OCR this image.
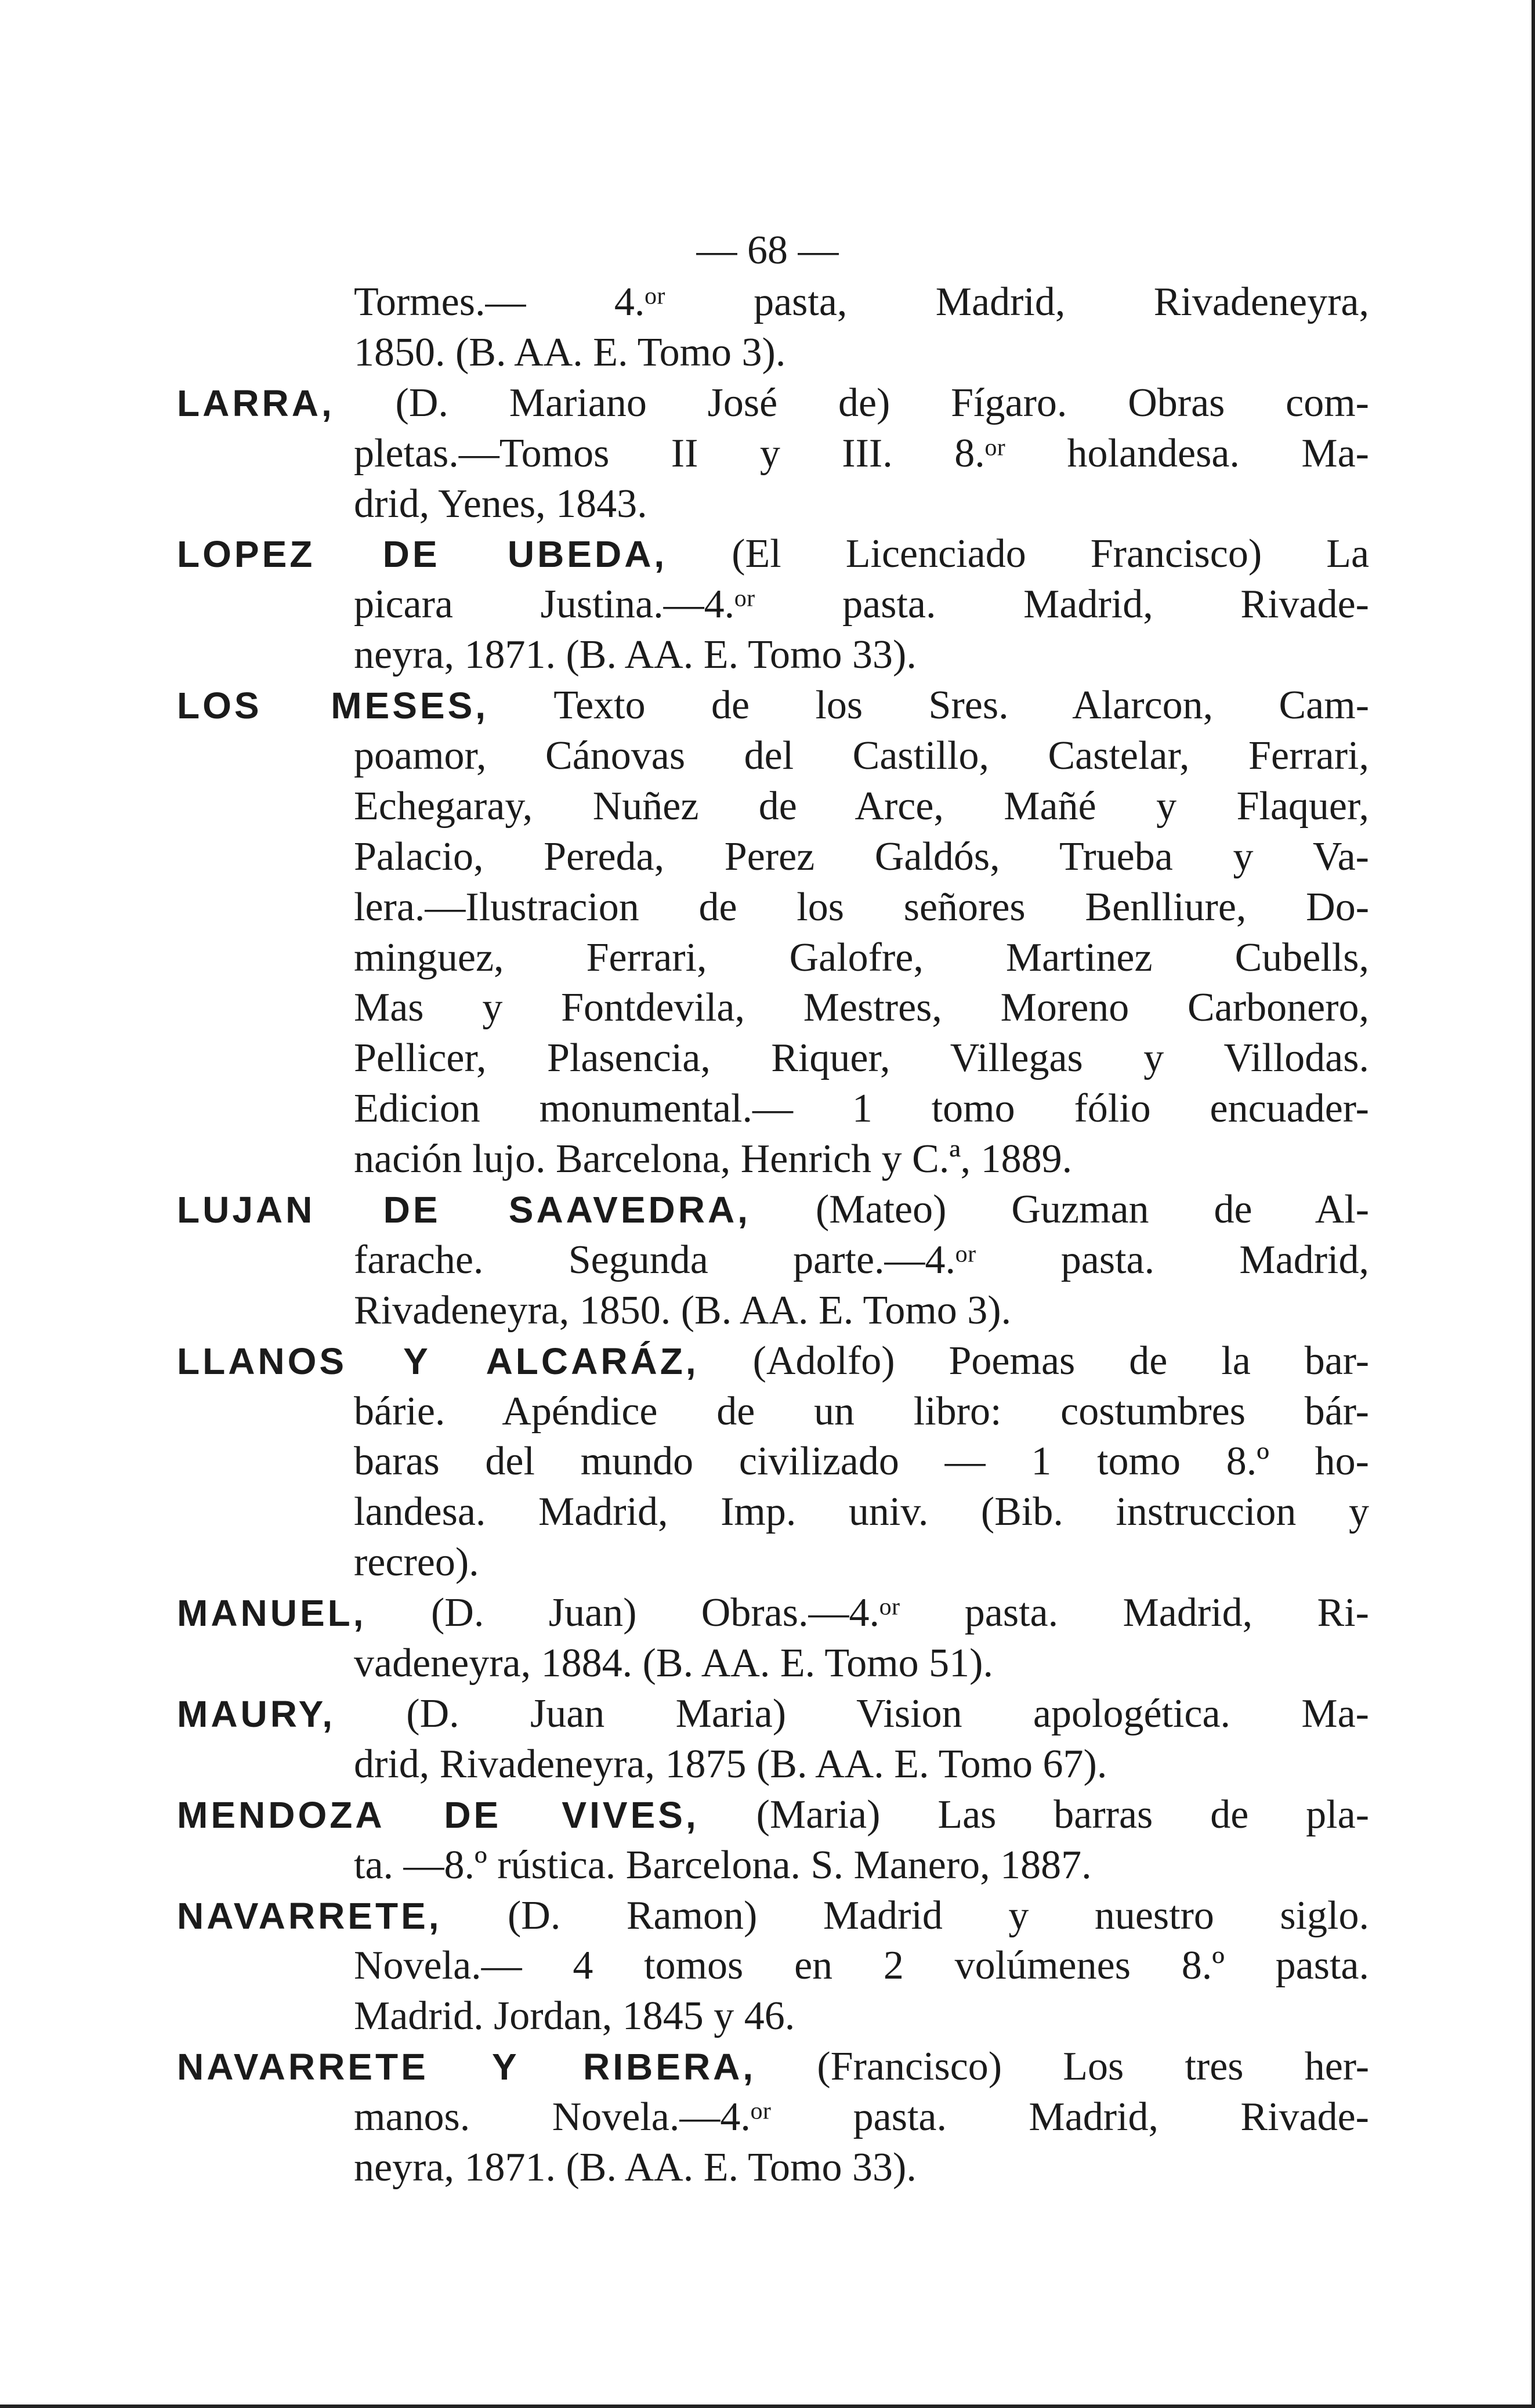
— 68 —
Tormes.— 4.ᵒʳ pasta, Madrid, Rivadeneyra,
1850. (B. AA. E. Tomo 3).
LARRA, (D. Mariano José de) Fígaro. Obras com-
pletas.—Tomos II y III. 8.ᵒʳ holandesa. Ma-
drid, Yenes, 1843.
LOPEZ DE UBEDA, (El Licenciado Francisco) La
picara Justina.—4.ᵒʳ pasta. Madrid, Rivade-
neyra, 1871. (B. AA. E. Tomo 33).
LOS MESES, Texto de los Sres. Alarcon, Cam-
poamor, Cánovas del Castillo, Castelar, Ferrari,
Echegaray, Nuñez de Arce, Mañé y Flaquer,
Palacio, Pereda, Perez Galdós, Trueba y Va-
lera.—Ilustracion de los señores Benlliure, Do-
minguez, Ferrari, Galofre, Martinez Cubells,
Mas y Fontdevila, Mestres, Moreno Carbonero,
Pellicer, Plasencia, Riquer, Villegas y Villodas.
Edicion monumental.— 1 tomo fólio encuader-
nación lujo. Barcelona, Henrich y C.ª, 1889.
LUJAN DE SAAVEDRA, (Mateo) Guzman de Al-
farache. Segunda parte.—4.ᵒʳ pasta. Madrid,
Rivadeneyra, 1850. (B. AA. E. Tomo 3).
LLANOS Y ALCARÁZ, (Adolfo) Poemas de la bar-
bárie. Apéndice de un libro: costumbres bár-
baras del mundo civilizado — 1 tomo 8.º ho-
landesa. Madrid, Imp. univ. (Bib. instruccion y
recreo).
MANUEL, (D. Juan) Obras.—4.ᵒʳ pasta. Madrid, Ri-
vadeneyra, 1884. (B. AA. E. Tomo 51).
MAURY, (D. Juan Maria) Vision apologética. Ma-
drid, Rivadeneyra, 1875 (B. AA. E. Tomo 67).
MENDOZA DE VIVES, (Maria) Las barras de pla-
ta. —8.º rústica. Barcelona. S. Manero, 1887.
NAVARRETE, (D. Ramon) Madrid y nuestro siglo.
Novela.— 4 tomos en 2 volúmenes 8.º pasta.
Madrid. Jordan, 1845 y 46.
NAVARRETE Y RIBERA, (Francisco) Los tres her-
manos. Novela.—4.ᵒʳ pasta. Madrid, Rivade-
neyra, 1871. (B. AA. E. Tomo 33).
